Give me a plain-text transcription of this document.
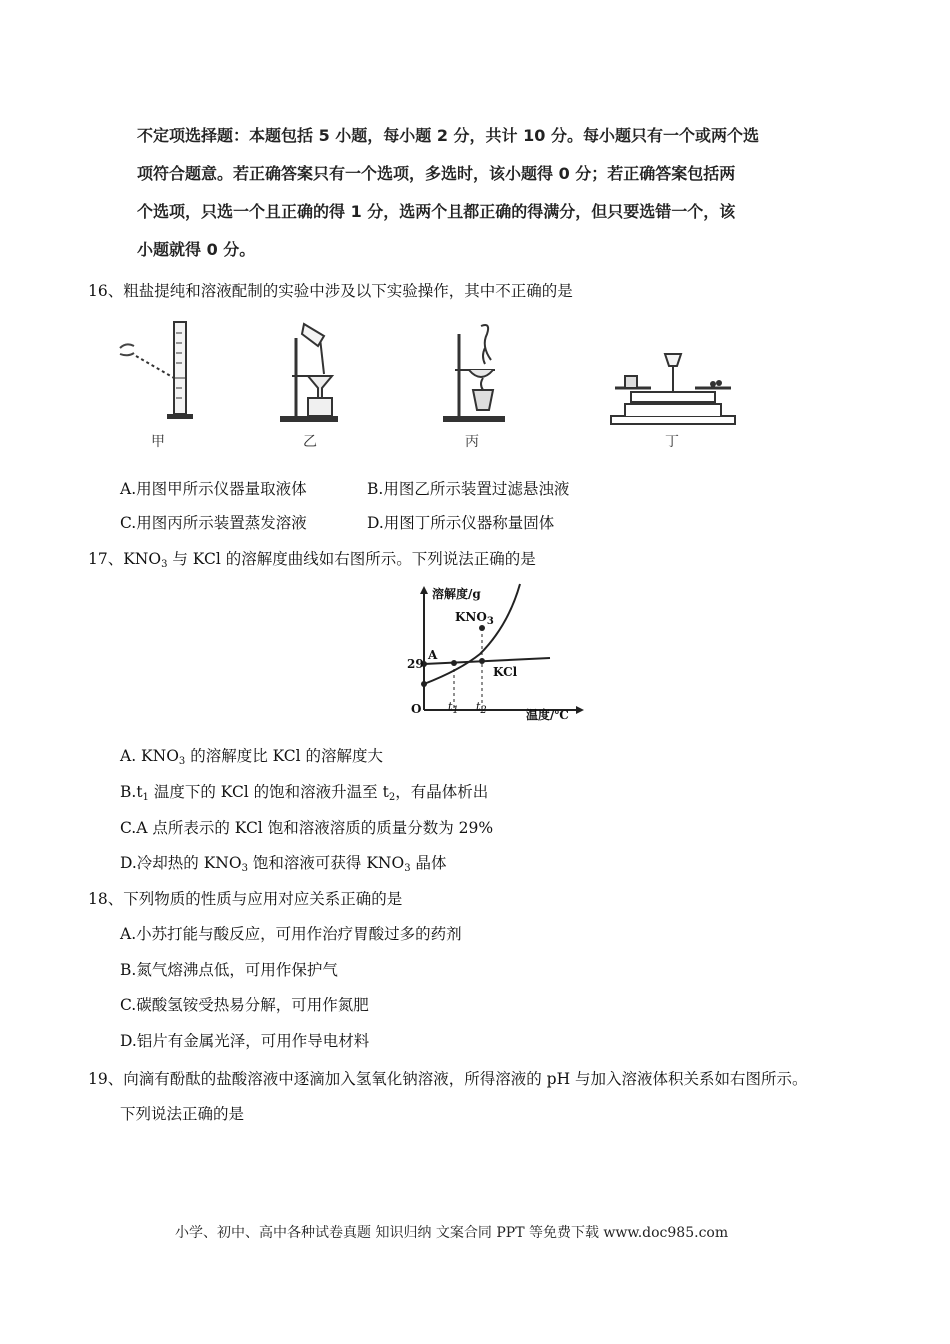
不定项选择题：本题包括 5 小题，每小题 2 分，共计 10 分。每小题只有一个或两个选
项符合题意。若正确答案只有一个选项，多选时，该小题得 0 分；若正确答案包括两
个选项，只选一个且正确的得 1 分，选两个且都正确的得满分，但只要选错一个，该
小题就得 0 分。
16、粗盐提纯和溶液配制的实验中涉及以下实验操作，其中不正确的是
甲	乙	丙	丁
A.用图甲所示仪器量取液体	B.用图乙所示装置过滤悬浊液
C.用图丙所示装置蒸发溶液	D.用图丁所示仪器称量固体
17、$KNO_3$ 与 KCl 的溶解度曲线如右图所示。下列说法正确的是
溶解度/g
$KNO_3$
29
A
KCl
O $t_1$ $t_2$	温度/℃
A. $KNO_3$ 的溶解度比 KCl 的溶解度大
$B.t_1$ 温度下的 KCl 的饱和溶液升温至 $t_2$，有晶体析出
C.A 点所表示的 KCl 饱和溶液溶质的质量分数为 29%
D.冷却热的 $KNO_3$ 饱和溶液可获得 $KNO_3$ 晶体
18、下列物质的性质与应用对应关系正确的是
A.小苏打能与酸反应，可用作治疗胃酸过多的药剂
B.氮气熔沸点低，可用作保护气
C.碳酸氢铵受热易分解，可用作氮肥
D.铝片有金属光泽，可用作导电材料
19、向滴有酚酞的盐酸溶液中逐滴加入氢氧化钠溶液，所得溶液的 pH 与加入溶液体积关系如右图所示。
下列说法正确的是
小学、初中、高中各种试卷真题 知识归纳 文案合同 PPT 等免费下载 www.doc985.com
